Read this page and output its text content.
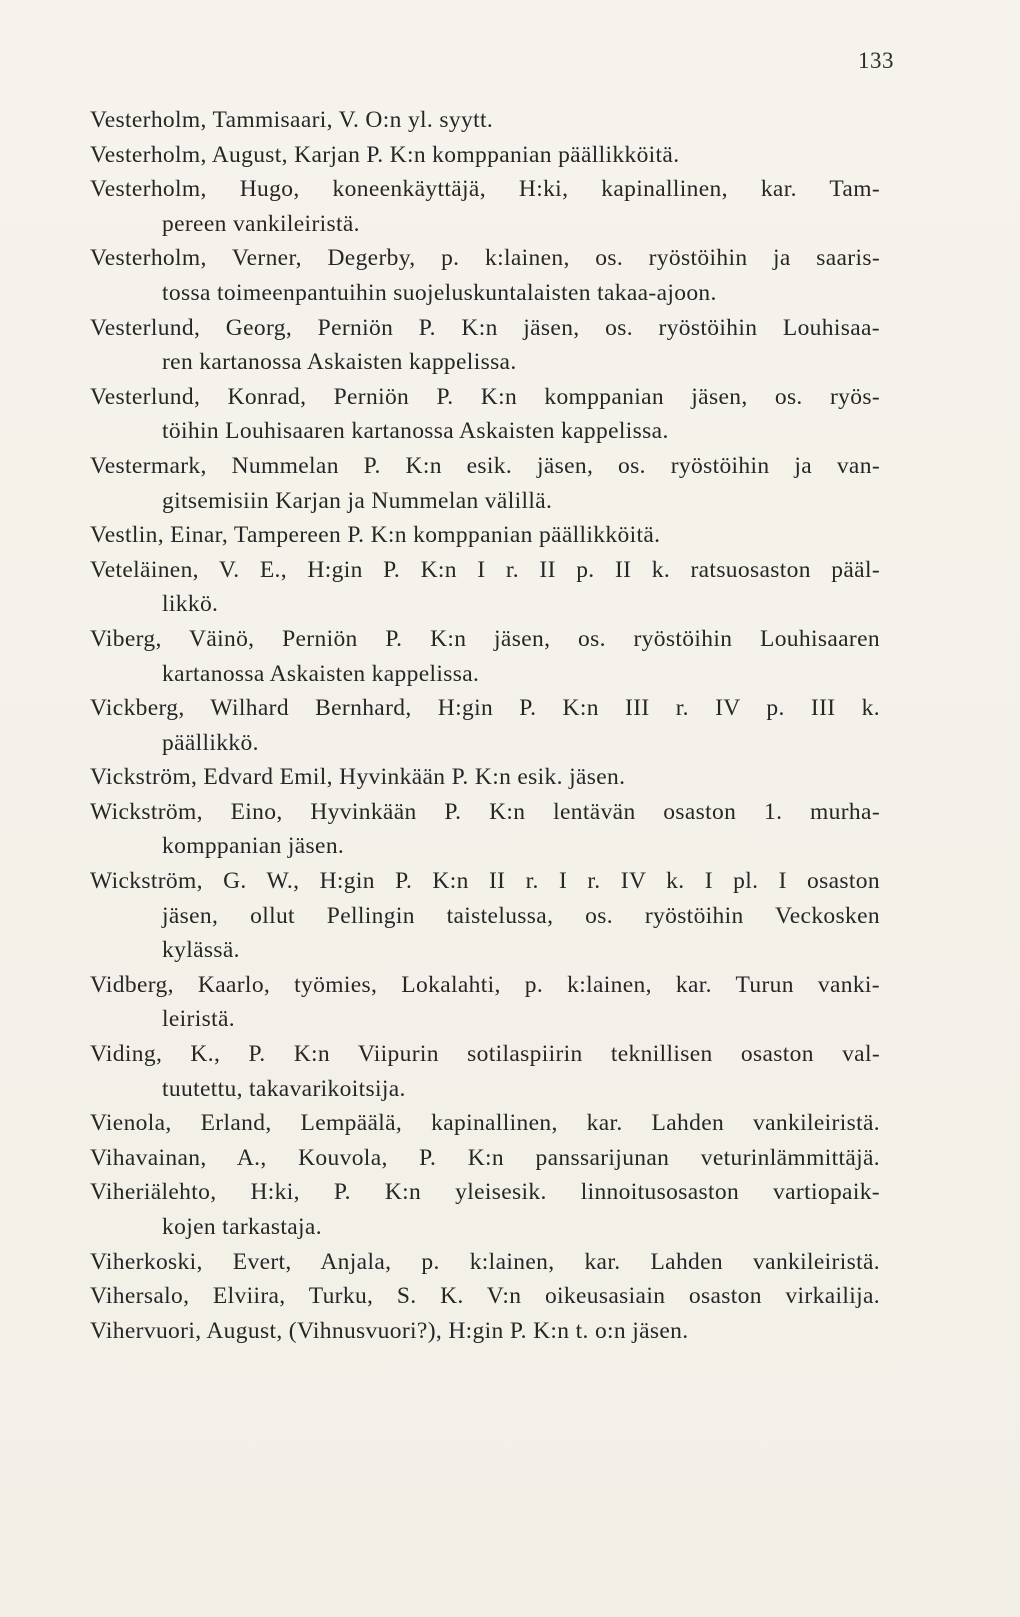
133
Vesterholm, Tammisaari, V. O:n yl. syytt.
Vesterholm, August, Karjan P. K:n komppanian päällikköitä.
Vesterholm, Hugo, koneenkäyttäjä, H:ki, kapinallinen, kar. Tam-
pereen vankileiristä.
Vesterholm, Verner, Degerby, p. k:lainen, os. ryöstöihin ja saaris-
tossa toimeenpantuihin suojeluskuntalaisten takaa-ajoon.
Vesterlund, Georg, Perniön P. K:n jäsen, os. ryöstöihin Louhisaa-
ren kartanossa Askaisten kappelissa.
Vesterlund, Konrad, Perniön P. K:n komppanian jäsen, os. ryös-
töihin Louhisaaren kartanossa Askaisten kappelissa.
Vestermark, Nummelan P. K:n esik. jäsen, os. ryöstöihin ja van-
gitsemisiin Karjan ja Nummelan välillä.
Vestlin, Einar, Tampereen P. K:n komppanian päällikköitä.
Veteläinen, V. E., H:gin P. K:n I r. II p. II k. ratsuosaston pääl-
likkö.
Viberg, Väinö, Perniön P. K:n jäsen, os. ryöstöihin Louhisaaren
kartanossa Askaisten kappelissa.
Vickberg, Wilhard Bernhard, H:gin P. K:n III r. IV p. III k.
päällikkö.
Vickström, Edvard Emil, Hyvinkään P. K:n esik. jäsen.
Wickström, Eino, Hyvinkään P. K:n lentävän osaston 1. murha-
komppanian jäsen.
Wickström, G. W., H:gin P. K:n II r. I r. IV k. I pl. I osaston
jäsen, ollut Pellingin taistelussa, os. ryöstöihin Veckosken
kylässä.
Vidberg, Kaarlo, työmies, Lokalahti, p. k:lainen, kar. Turun vanki-
leiristä.
Viding, K., P. K:n Viipurin sotilaspiirin teknillisen osaston val-
tuutettu, takavarikoitsija.
Vienola, Erland, Lempäälä, kapinallinen, kar. Lahden vankileiristä.
Vihavainan, A., Kouvola, P. K:n panssarijunan veturinlämmittäjä.
Viheriälehto, H:ki, P. K:n yleisesik. linnoitusosaston vartiopaik-
kojen tarkastaja.
Viherkoski, Evert, Anjala, p. k:lainen, kar. Lahden vankileiristä.
Vihersalo, Elviira, Turku, S. K. V:n oikeusasiain osaston virkailija.
Vihervuori, August, (Vihnusvuori?), H:gin P. K:n t. o:n jäsen.
